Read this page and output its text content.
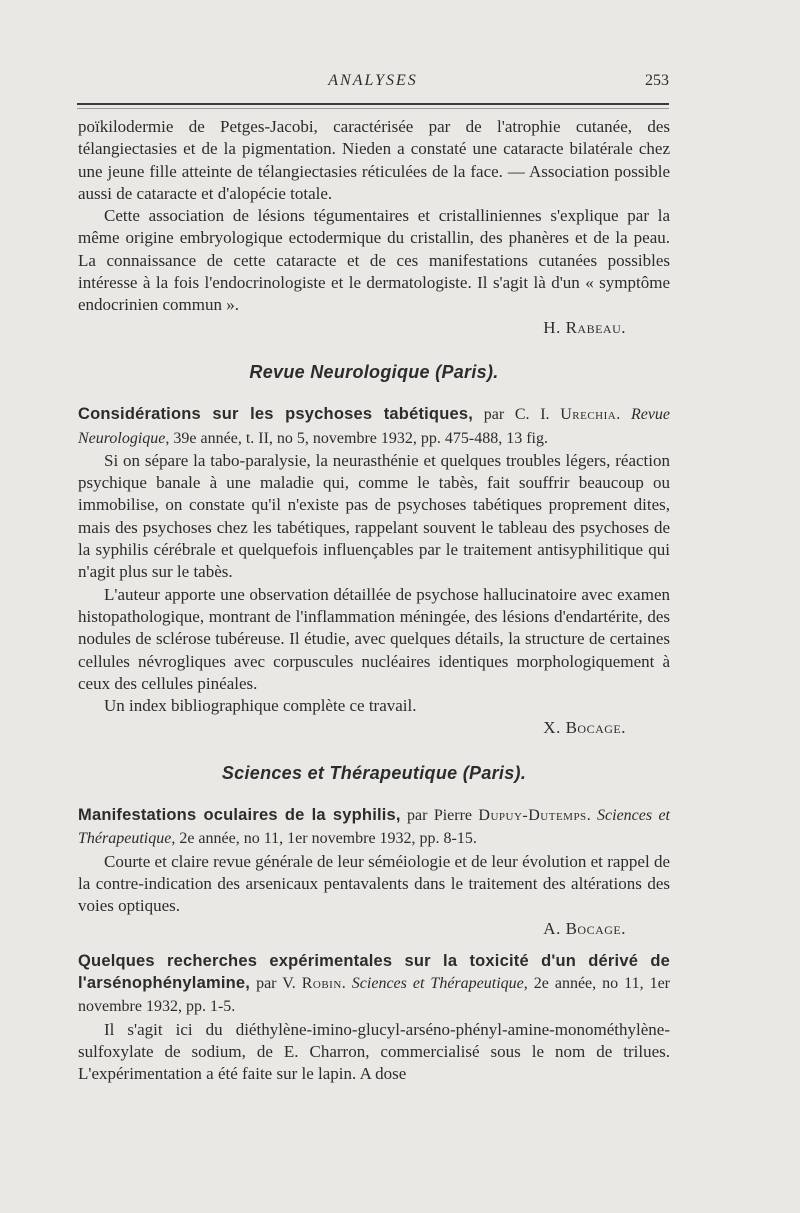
ANALYSES	253

poïkilodermie de Petges-Jacobi, caractérisée par de l'atrophie cutanée, des télangiectasies et de la pigmentation. Nieden a constaté une cataracte bilatérale chez une jeune fille atteinte de télangiectasies réticulées de la face. — Association possible aussi de cataracte et d'alopécie totale.

Cette association de lésions tégumentaires et cristalliniennes s'explique par la même origine embryologique ectodermique du cristallin, des phanères et de la peau. La connaissance de cette cataracte et de ces manifestations cutanées possibles intéresse à la fois l'endocrinologiste et le dermatologiste. Il s'agit là d'un « symptôme endocrinien commun ».

H. Rabeau.

Revue Neurologique (Paris).

Considérations sur les psychoses tabétiques, par C. I. Urechia. Revue Neurologique, 39e année, t. II, no 5, novembre 1932, pp. 475-488, 13 fig.

Si on sépare la tabo-paralysie, la neurasthénie et quelques troubles légers, réaction psychique banale à une maladie qui, comme le tabès, fait souffrir beaucoup ou immobilise, on constate qu'il n'existe pas de psychoses tabétiques proprement dites, mais des psychoses chez les tabétiques, rappelant souvent le tableau des psychoses de la syphilis cérébrale et quelquefois influençables par le traitement antisyphilitique qui n'agit plus sur le tabès.

L'auteur apporte une observation détaillée de psychose hallucinatoire avec examen histopathologique, montrant de l'inflammation méningée, des lésions d'endartérite, des nodules de sclérose tubéreuse. Il étudie, avec quelques détails, la structure de certaines cellules névrogliques avec corpuscules nucléaires identiques morphologiquement à ceux des cellules pinéales.

Un index bibliographique complète ce travail.

X. Bocage.

Sciences et Thérapeutique (Paris).

Manifestations oculaires de la syphilis, par Pierre Dupuy-Dutemps. Sciences et Thérapeutique, 2e année, no 11, 1er novembre 1932, pp. 8-15.

Courte et claire revue générale de leur séméiologie et de leur évolution et rappel de la contre-indication des arsenicaux pentavalents dans le traitement des altérations des voies optiques.

A. Bocage.

Quelques recherches expérimentales sur la toxicité d'un dérivé de l'arsénophénylamine, par V. Robin. Sciences et Thérapeutique, 2e année, no 11, 1er novembre 1932, pp. 1-5.

Il s'agit ici du diéthylène-imino-glucyl-arséno-phényl-amine-monométhylène-sulfoxylate de sodium, de E. Charron, commercialisé sous le nom de trilues. L'expérimentation a été faite sur le lapin. A dose
